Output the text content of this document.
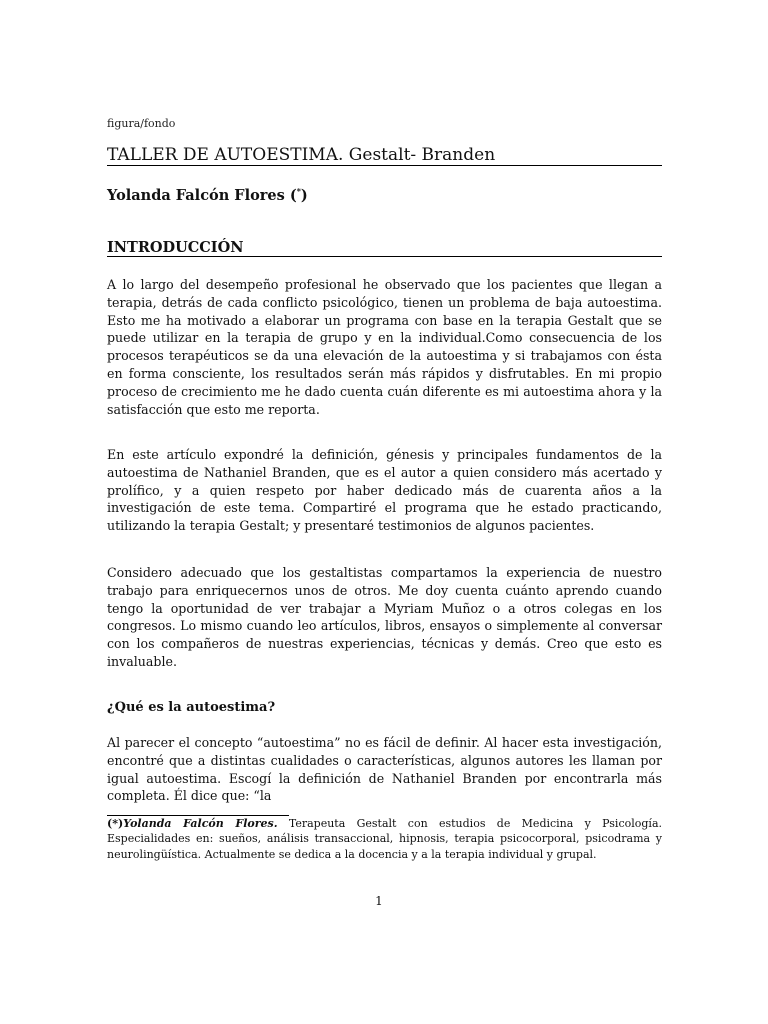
figura/fondo
TALLER DE AUTOESTIMA. Gestalt- Branden
Yolanda Falcón Flores (*)
INTRODUCCIÓN

A lo largo del desempeño profesional he observado que los pacientes que llegan a terapia, detrás de cada conflicto psicológico, tienen un problema de baja autoestima. Esto me ha motivado a elaborar un programa con base en la terapia Gestalt que se puede utilizar en la terapia de grupo y en la individual.Como consecuencia de los procesos terapéuticos se da una elevación de la autoestima y si trabajamos con ésta en forma consciente, los resultados serán más rápidos y disfrutables. En mi propio proceso de crecimiento me he dado cuenta cuán diferente es mi autoestima ahora y la satisfacción que esto me reporta.

En este artículo expondré la definición, génesis y principales fundamentos de la autoestima de Nathaniel Branden, que es el autor a quien considero más acertado y prolífico, y a quien respeto por haber dedicado más de cuarenta años a la investigación de este tema. Compartiré el programa que he estado practicando, utilizando la terapia Gestalt; y presentaré testimonios de algunos pacientes.

Considero adecuado que los gestaltistas compartamos la experiencia de nuestro trabajo para enriquecernos unos de otros. Me doy cuenta cuánto aprendo cuando tengo la oportunidad de ver trabajar a Myriam Muñoz o a otros colegas en los congresos. Lo mismo cuando leo artículos, libros, ensayos o simplemente al conversar con los compañeros de nuestras experiencias, técnicas y demás. Creo que esto es invaluable.

¿Qué es la autoestima?

Al parecer el concepto “autoestima” no es fácil de definir. Al hacer esta investigación, encontré que a distintas cualidades o características, algunos autores les llaman por igual autoestima. Escogí la definición de Nathaniel Branden por encontrarla más completa. Él dice que: “la

(*)Yolanda Falcón Flores. Terapeuta Gestalt con estudios de Medicina y Psicología. Especialidades en: sueños, análisis transaccional, hipnosis, terapia psicocorporal, psicodrama y neurolingüística. Actualmente se dedica a la docencia y a la terapia individual y grupal.

1
